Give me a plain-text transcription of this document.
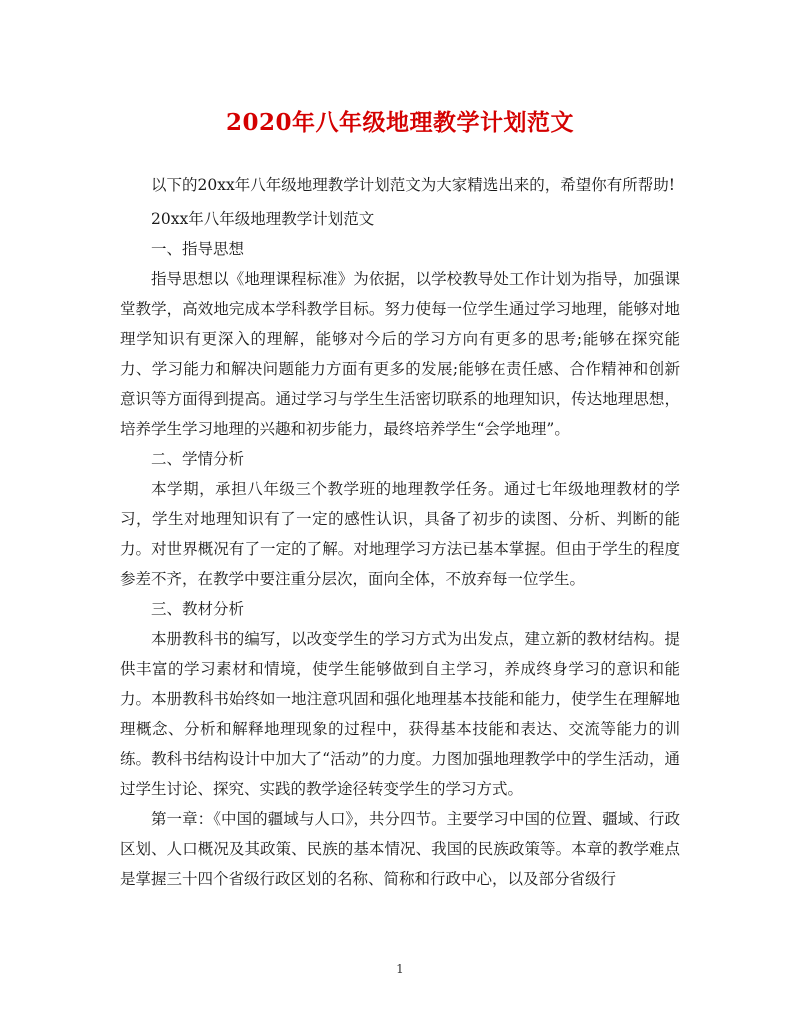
2020年八年级地理教学计划范文

以下的20xx年八年级地理教学计划范文为大家精选出来的，希望你有所帮助!

20xx年八年级地理教学计划范文

一、指导思想

指导思想以《地理课程标准》为依据，以学校教导处工作计划为指导，加强课堂教学，高效地完成本学科教学目标。努力使每一位学生通过学习地理，能够对地理学知识有更深入的理解，能够对今后的学习方向有更多的思考;能够在探究能力、学习能力和解决问题能力方面有更多的发展;能够在责任感、合作精神和创新意识等方面得到提高。通过学习与学生生活密切联系的地理知识，传达地理思想，培养学生学习地理的兴趣和初步能力，最终培养学生“会学地理”。

二、学情分析

本学期，承担八年级三个教学班的地理教学任务。通过七年级地理教材的学习，学生对地理知识有了一定的感性认识，具备了初步的读图、分析、判断的能力。对世界概况有了一定的了解。对地理学习方法已基本掌握。但由于学生的程度参差不齐，在教学中要注重分层次，面向全体，不放弃每一位学生。

三、教材分析

本册教科书的编写，以改变学生的学习方式为出发点，建立新的教材结构。提供丰富的学习素材和情境，使学生能够做到自主学习，养成终身学习的意识和能力。本册教科书始终如一地注意巩固和强化地理基本技能和能力，使学生在理解地理概念、分析和解释地理现象的过程中，获得基本技能和表达、交流等能力的训练。教科书结构设计中加大了“活动”的力度。力图加强地理教学中的学生活动，通过学生讨论、探究、实践的教学途径转变学生的学习方式。

第一章：《中国的疆域与人口》，共分四节。主要学习中国的位置、疆域、行政区划、人口概况及其政策、民族的基本情况、我国的民族政策等。本章的教学难点是掌握三十四个省级行政区划的名称、简称和行政中心，以及部分省级行

1
